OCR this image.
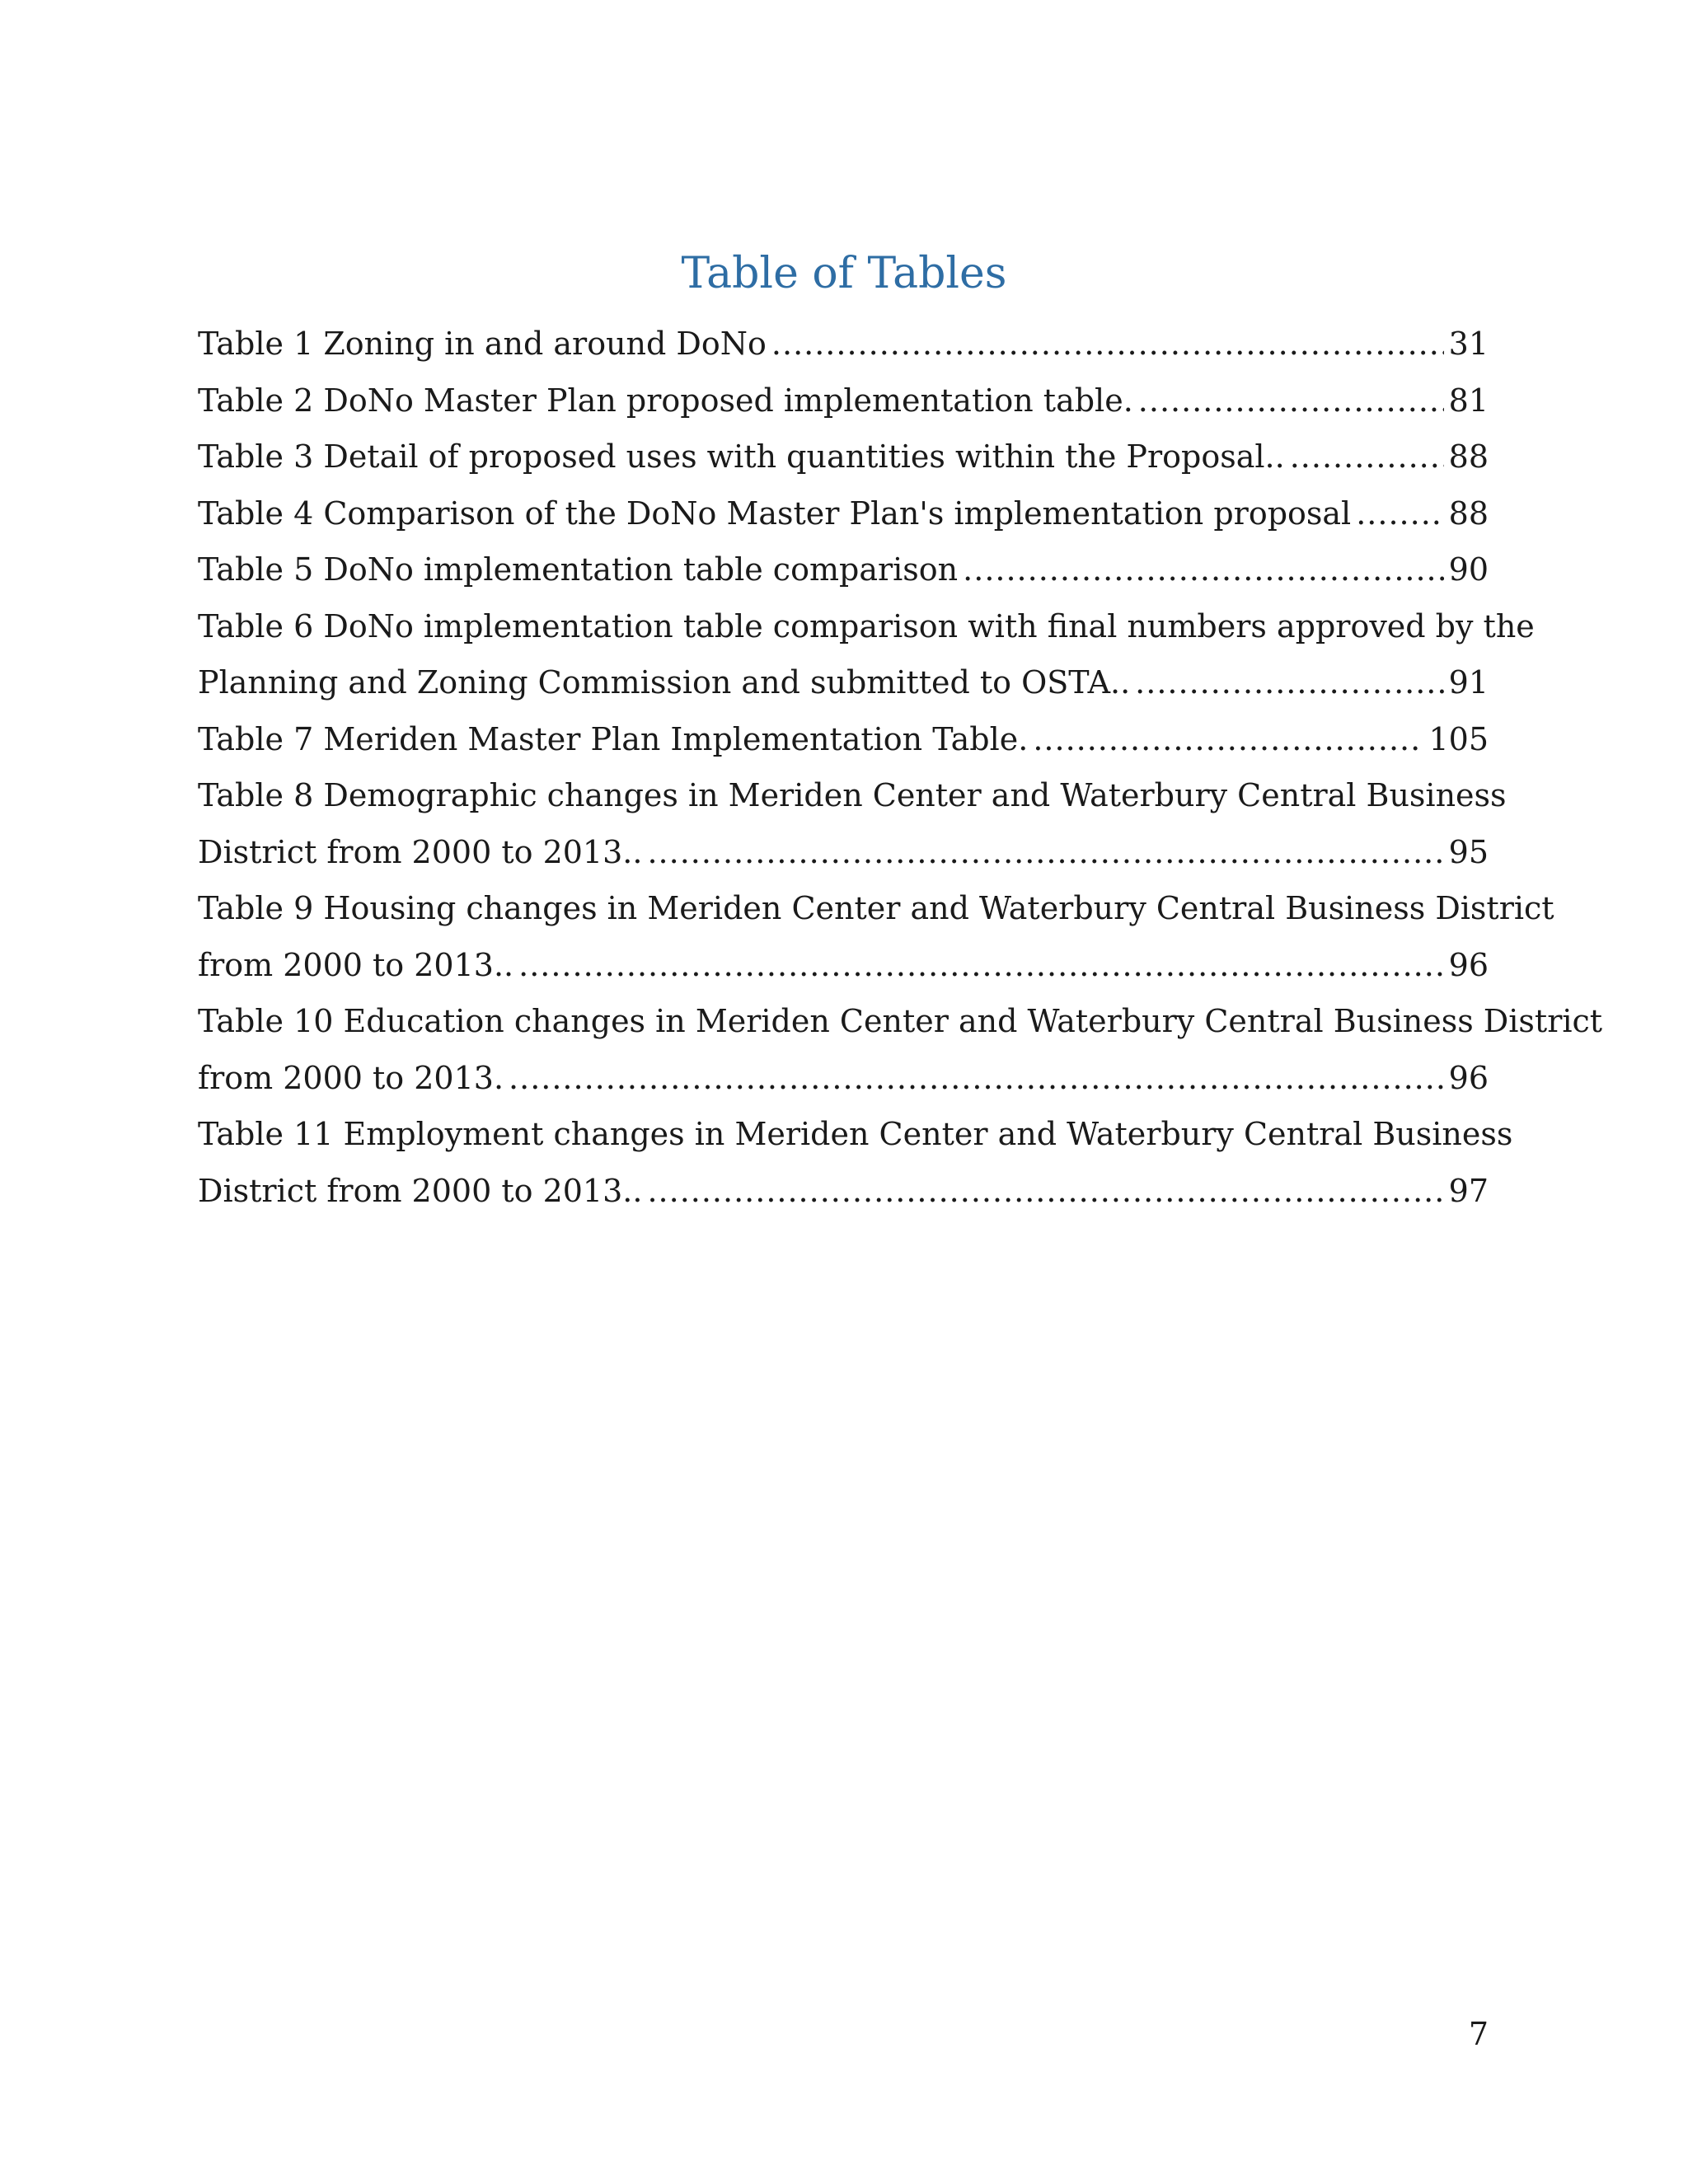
Table of Tables
Table 1 Zoning in and around DoNo .....	31
Table 2 DoNo Master Plan proposed implementation table. .....	81
Table 3 Detail of proposed uses with quantities within the Proposal.. .....	88
Table 4 Comparison of the DoNo Master Plan's implementation proposal .....	88
Table 5 DoNo implementation table comparison .....	90
Table 6 DoNo implementation table comparison with final numbers approved by the
Planning and Zoning Commission and submitted to OSTA.. .....	91
Table 7 Meriden Master Plan Implementation Table. .....	105
Table 8 Demographic changes in Meriden Center and Waterbury Central Business
District from 2000 to 2013.. .....	95
Table 9 Housing changes in Meriden Center and Waterbury Central Business District
from 2000 to 2013.. .....	96
Table 10 Education changes in Meriden Center and Waterbury Central Business District
from 2000 to 2013. .....	96
Table 11 Employment changes in Meriden Center and Waterbury Central Business
District from 2000 to 2013.. .....	97
7
